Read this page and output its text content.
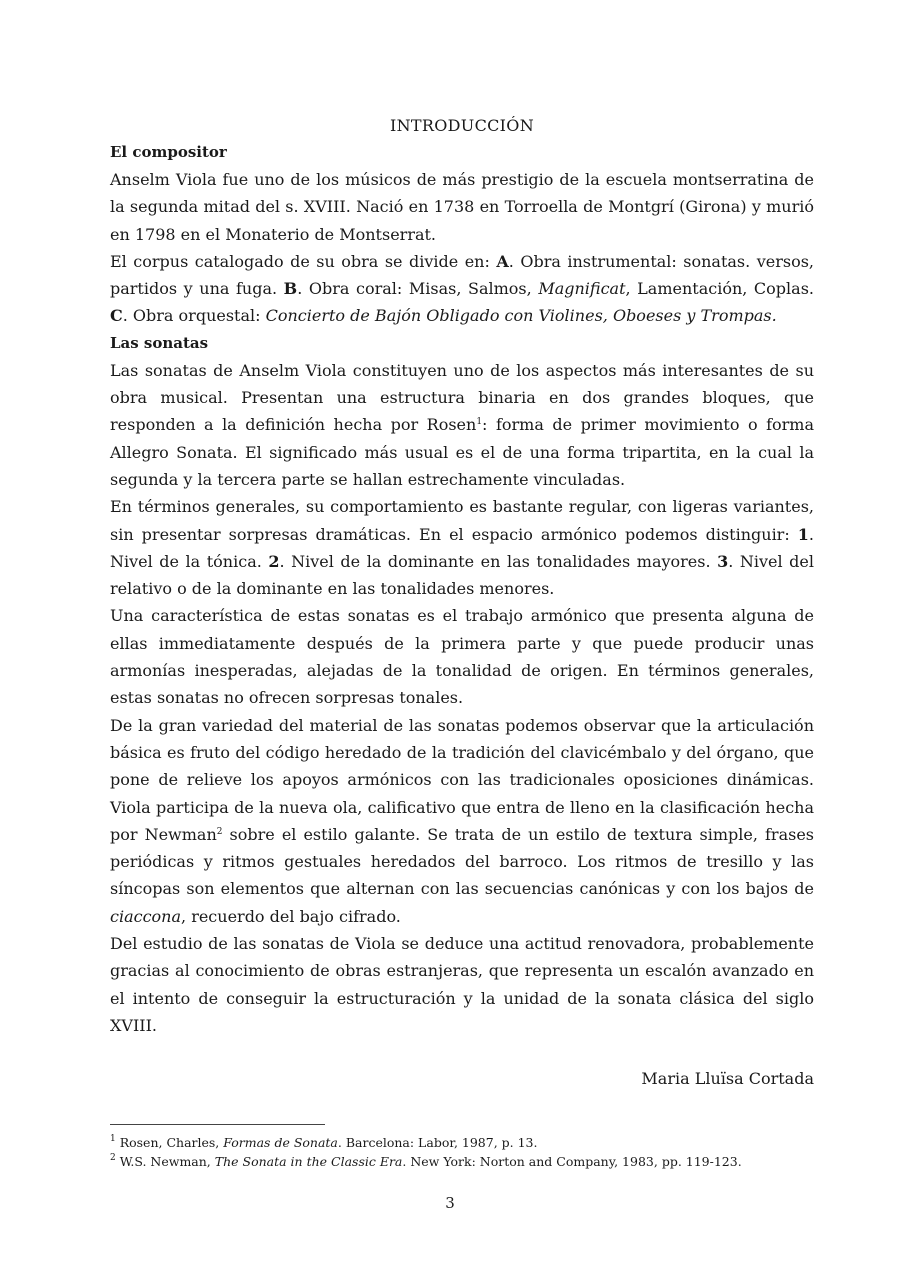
INTRODUCCIÓN
El compositor

Anselm Viola fue uno de los músicos de más prestigio de la escuela montserratina de la segunda mitad del s. XVIII. Nació en 1738 en Torroella de Montgrí (Girona) y murió en 1798 en el Monaterio de Montserrat.

El corpus catalogado de su obra se divide en: A. Obra instrumental: sonatas. versos, partidos y una fuga. B. Obra coral: Misas, Salmos, Magnificat, Lamentación, Coplas. C. Obra orquestal: Concierto de Bajón Obligado con Violines, Oboeses y Trompas.

Las sonatas

Las sonatas de Anselm Viola constituyen uno de los aspectos más interesantes de su obra musical. Presentan una estructura binaria en dos grandes bloques, que responden a la definición hecha por Rosen$^1$: forma de primer movimiento o forma Allegro Sonata. El significado más usual es el de una forma tripartita, en la cual la segunda y la tercera parte se hallan estrechamente vinculadas.

En términos generales, su comportamiento es bastante regular, con ligeras variantes, sin presentar sorpresas dramáticas. En el espacio armónico podemos distinguir: 1. Nivel de la tónica. 2. Nivel de la dominante en las tonalidades mayores. 3. Nivel del relativo o de la dominante en las tonalidades menores.

Una característica de estas sonatas es el trabajo armónico que presenta alguna de ellas immediatamente después de la primera parte y que puede producir unas armonías inesperadas, alejadas de la tonalidad de origen. En términos generales, estas sonatas no ofrecen sorpresas tonales.

De la gran variedad del material de las sonatas podemos observar que la articulación básica es fruto del código heredado de la tradición del clavicémbalo y del órgano, que pone de relieve los apoyos armónicos con las tradicionales oposiciones dinámicas. Viola participa de la nueva ola, calificativo que entra de lleno en la clasificación hecha por Newman$^2$ sobre el estilo galante. Se trata de un estilo de textura simple, frases periódicas y ritmos gestuales heredados del barroco. Los ritmos de tresillo y las síncopas son elementos que alternan con las secuencias canónicas y con los bajos de ciaccona, recuerdo del bajo cifrado.

Del estudio de las sonatas de Viola se deduce una actitud renovadora, probablemente gracias al conocimiento de obras estranjeras, que representa un escalón avanzado en el intento de conseguir la estructuración y la unidad de la sonata clásica del siglo XVIII.

Maria Lluïsa Cortada
$^1$ Rosen, Charles, Formas de Sonata. Barcelona: Labor, 1987, p. 13.
$^2$ W.S. Newman, The Sonata in the Classic Era. New York: Norton and Company, 1983, pp. 119-123.
3
